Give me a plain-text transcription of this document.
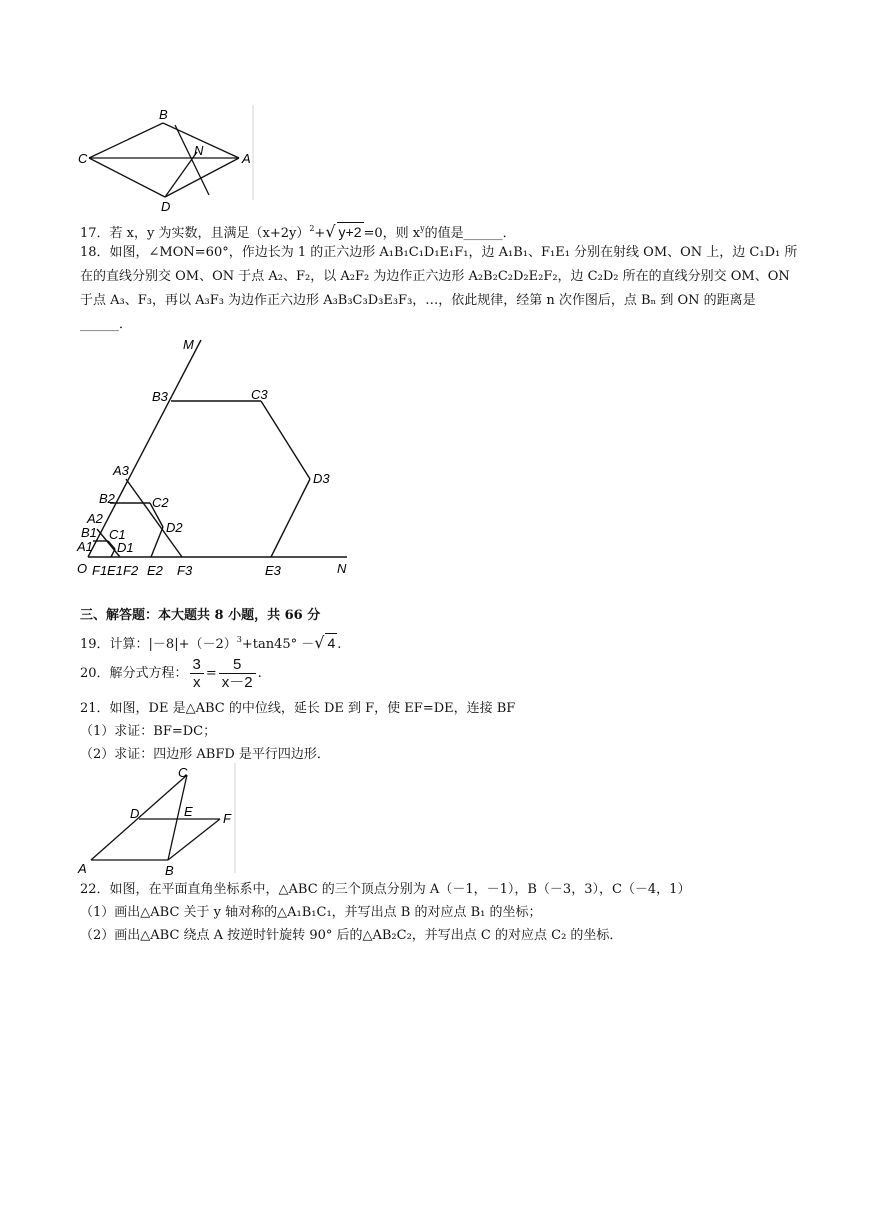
B
C
N
A
D
17．若 x，y 为实数，且满足$(x+2y)^2+√$ y+2 =0，则 $x^y$的值是______．
18．如图，∠MON=60°，作边长为 1 的正六边形 A₁B₁C₁D₁E₁F₁，边 A₁B₁、F₁E₁ 分别在射线 OM、ON 上，边 C₁D₁ 所
在的直线分别交 OM、ON 于点 A₂、F₂，以 A₂F₂ 为边作正六边形 A₂B₂C₂D₂E₂F₂，边 C₂D₂ 所在的直线分别交 OM、ON
于点 A₃、F₃，再以 A₃F₃ 为边作正六边形 A₃B₃C₃D₃E₃F₃，…，依此规律，经第 n 次作图后，点 Bₙ 到 ON 的距离是
______．
M
N
O
B3	C3
D3
E3
F3
A3
B2	C2
D2
E2
F2
A2
B1 C1
D1
E1
F1
A1
三、解答题：本大题共 8 小题，共 66 分
19．计算：$|-8|+(-2)^3+\tan 45^\circ$ －√ 4 .
20．解分式方程： $\frac{3}{x} = \frac{5}{x-2}$ .
21．如图，DE 是△ABC 的中位线，延长 DE 到 F，使 EF=DE，连接 BF
（1）求证：BF=DC；
（2）求证：四边形 ABFD 是平行四边形．
C
D	E F
A	B
22．如图，在平面直角坐标系中，△ABC 的三个顶点分别为 A（－1，－1），B（－3，3），C（－4，1）
（1）画出△ABC 关于 y 轴对称的△A₁B₁C₁，并写出点 B 的对应点 B₁ 的坐标；
（2）画出△ABC 绕点 A 按逆时针旋转 90° 后的△AB₂C₂，并写出点 C 的对应点 C₂ 的坐标．
